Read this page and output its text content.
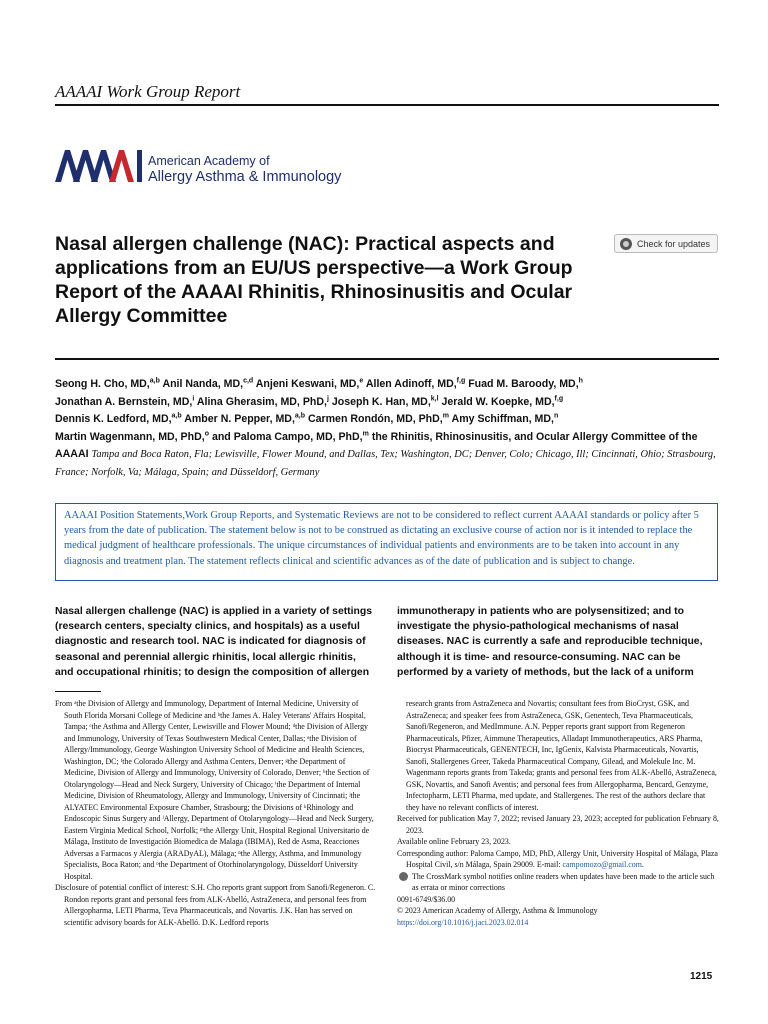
AAAAI Work Group Report
American Academy of
Allergy Asthma & Immunology
Nasal allergen challenge (NAC): Practical aspects and applications from an EU/US perspective—a Work Group Report of the AAAAI Rhinitis, Rhinosinusitis and Ocular Allergy Committee
Check for updates
Seong H. Cho, MD,$^{a,b}$ Anil Nanda, MD,$^{c,d}$ Anjeni Keswani, MD,$^e$ Allen Adinoff, MD,$^{f,g}$ Fuad M. Baroody, MD,$^h$
Jonathan A. Bernstein, MD,$^i$ Alina Gherasim, MD, PhD,$^j$ Joseph K. Han, MD,$^{k,l}$ Jerald W. Koepke, MD,$^{f,g}$
Dennis K. Ledford, MD,$^{a,b}$ Amber N. Pepper, MD,$^{a,b}$ Carmen Rondón, MD, PhD,$^m$ Amy Schiffman, MD,$^n$
Martin Wagenmann, MD, PhD,$^o$ and Paloma Campo, MD, PhD,$^m$ the Rhinitis, Rhinosinusitis, and Ocular Allergy Committee of the AAAAI Tampa and Boca Raton, Fla; Lewisville, Flower Mound, and Dallas, Tex; Washington, DC; Denver, Colo; Chicago, Ill; Cincinnati, Ohio; Strasbourg, France; Norfolk, Va; Málaga, Spain; and Düsseldorf, Germany
AAAAI Position Statements,Work Group Reports, and Systematic Reviews are not to be considered to reflect current AAAAI standards or policy after 5 years from the date of publication. The statement below is not to be construed as dictating an exclusive course of action nor is it intended to replace the medical judgment of healthcare professionals. The unique circumstances of individual patients and environments are to be taken into account in any diagnosis and treatment plan. The statement reflects clinical and scientific advances as of the date of publication and is subject to change.
Nasal allergen challenge (NAC) is applied in a variety of settings (research centers, specialty clinics, and hospitals) as a useful diagnostic and research tool. NAC is indicated for diagnosis of seasonal and perennial allergic rhinitis, local allergic rhinitis, and occupational rhinitis; to design the composition of allergen
immunotherapy in patients who are polysensitized; and to investigate the physio-pathological mechanisms of nasal diseases. NAC is currently a safe and reproducible technique, although it is time- and resource-consuming. NAC can be performed by a variety of methods, but the lack of a uniform

From ᵃthe Division of Allergy and Immunology, Department of Internal Medicine, University of South Florida Morsani College of Medicine and ᵇthe James A. Haley Veterans' Affairs Hospital, Tampa; ᶜthe Asthma and Allergy Center, Lewisville and Flower Mound; ᵈthe Division of Allergy and Immunology, University of Texas Southwestern Medical Center, Dallas; ᵉthe Division of Allergy/Immunology, George Washington University School of Medicine and Health Sciences, Washington, DC; ᶠthe Colorado Allergy and Asthma Centers, Denver; ᵍthe Department of Medicine, Division of Allergy and Immunology, University of Colorado, Denver; ʰthe Section of Otolaryngology—Head and Neck Surgery, University of Chicago; ⁱthe Department of Internal Medicine, Division of Rheumatology, Allergy and Immunology, University of Cincinnati; ʲthe ALYATEC Environmental Exposure Chamber, Strasbourg; the Divisions of ᵏRhinology and Endoscopic Sinus Surgery and ˡAllergy, Department of Otolaryngology—Head and Neck Surgery, Eastern Virginia Medical School, Norfolk; ᵐthe Allergy Unit, Hospital Regional Universitario de Málaga, Instituto de Investigación Biomedica de Malaga (IBIMA), Red de Asma, Reacciones Adversas a Farmacos y Alergia (ARADyAL), Málaga; ⁿthe Allergy, Asthma, and Immunology Specialists, Boca Raton; and ᵒthe Department of Otorhinolaryngology, Düsseldorf University Hospital.

Disclosure of potential conflict of interest: S.H. Cho reports grant support from Sanofi/Regeneron. C. Rondon reports grant and personal fees from ALK-Abelló, AstraZeneca, and personal fees from Allergopharma, LETI Pharma, Teva Pharmaceuticals, and Novartis. J.K. Han has served on scientific advisory boards for ALK-Abelló. D.K. Ledford reports

research grants from AstraZeneca and Novartis; consultant fees from BioCryst, GSK, and AstraZeneca; and speaker fees from AstraZeneca, GSK, Genentech, Teva Pharmaceuticals, Sanofi/Regeneron, and MedImmune. A.N. Pepper reports grant support from Regeneron Pharmaceuticals, Pfizer, Aimmune Therapeutics, Alladapt Immunotherapeutics, ARS Pharma, Biocryst Pharmaceuticals, GENENTECH, Inc, IgGenix, Kalvista Pharmaceuticals, Novartis, Sanofi, Stallergenes Greer, Takeda Pharmaceutical Company, Gilead, and Molekule Inc. M. Wagenmann reports grants from Takeda; grants and personal fees from ALK-Abelló, AstraZeneca, GSK, Novartis, and Sanofi Aventis; and personal fees from Allergopharma, Bencard, Genzyme, Infectopharm, LETI Pharma, med update, and Stallergenes. The rest of the authors declare that they have no relevant conflicts of interest.

Received for publication May 7, 2022; revised January 23, 2023; accepted for publication February 8, 2023.

Available online February 23, 2023.

Corresponding author: Paloma Campo, MD, PhD, Allergy Unit, University Hospital of Málaga, Plaza Hospital Civil, s/n Málaga, Spain 29009. E-mail: campomozo@gmail.com.

The CrossMark symbol notifies online readers when updates have been made to the article such as errata or minor corrections

0091-6749/$36.00

© 2023 American Academy of Allergy, Asthma & Immunology

https://doi.org/10.1016/j.jaci.2023.02.014

1215
